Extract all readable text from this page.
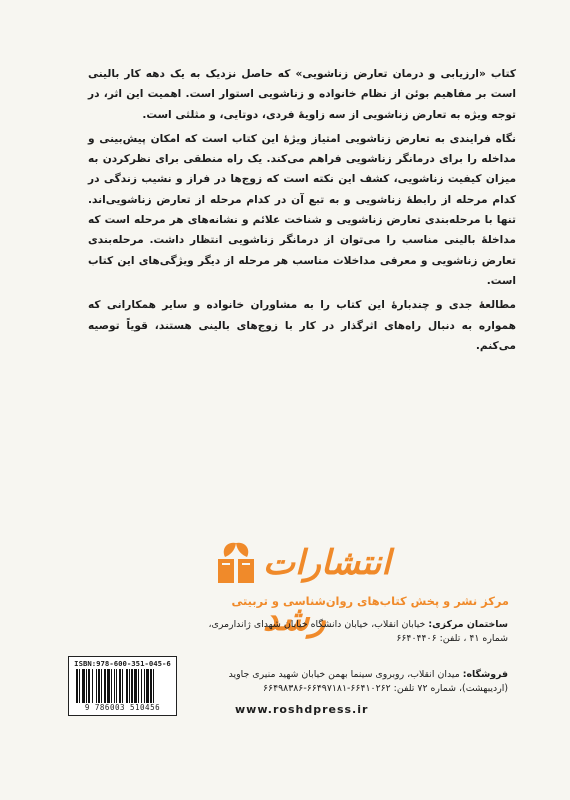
کتاب «ارزیابی و درمان تعارض زناشویی» که حاصل نزدیک به یک دهه کار بالینی است بر مفاهیم بوئن از نظام خانواده و زناشویی استوار است. اهمیت این اثر، در توجه ویژه به تعارض زناشویی از سه زاویهٔ فردی، دوتایی، و مثلثی است.

نگاه فرایندی به تعارض زناشویی امتیاز ویژهٔ این کتاب است که امکان پیش‌بینی و مداخله را برای درمانگر زناشویی فراهم می‌کند. یک راه منطقی برای نظرکردن به میزان کیفیت زناشویی، کشف این نکته است که زوج‌ها در فراز و نشیب زندگی در کدام مرحله از رابطهٔ زناشویی و به تبع آن در کدام مرحله از تعارض زناشویی‌اند. تنها با مرحله‌بندی تعارض زناشویی و شناخت علائم و نشانه‌های هر مرحله است که مداخلهٔ بالینی مناسب را می‌توان از درمانگر زناشویی انتظار داشت. مرحله‌بندی تعارض زناشویی و معرفی مداخلات مناسب هر مرحله از دیگر ویژگی‌های این کتاب است.

مطالعهٔ جدی و چندبارهٔ این کتاب را به مشاوران خانواده و سایر همکارانی که همواره به دنبال راه‌های اثرگذار در کار با زوج‌های بالینی هستند، قویاً توصیه می‌کنم.

انتشارات رشد
مرکز نشر و پخش کتاب‌های روان‌شناسی و تربیتی
ساختمان مرکزی: خیابان انقلاب، خیابان دانشگاه خیابان شهدای ژاندارمری، شماره ۴۱ ، تلفن: ۶۶۴۰۴۴۰۶
فروشگاه: میدان انقلاب، روبروی سینما بهمن خیابان شهید منیری جاوید (اردیبهشت)، شماره ۷۲ تلفن: ۶۶۴۱۰۲۶۲-۶۶۴۹۷۱۸۱-۶۶۴۹۸۳۸۶
www.roshdpress.ir
ISBN:978-600-351-045-6
9 786003 510456
